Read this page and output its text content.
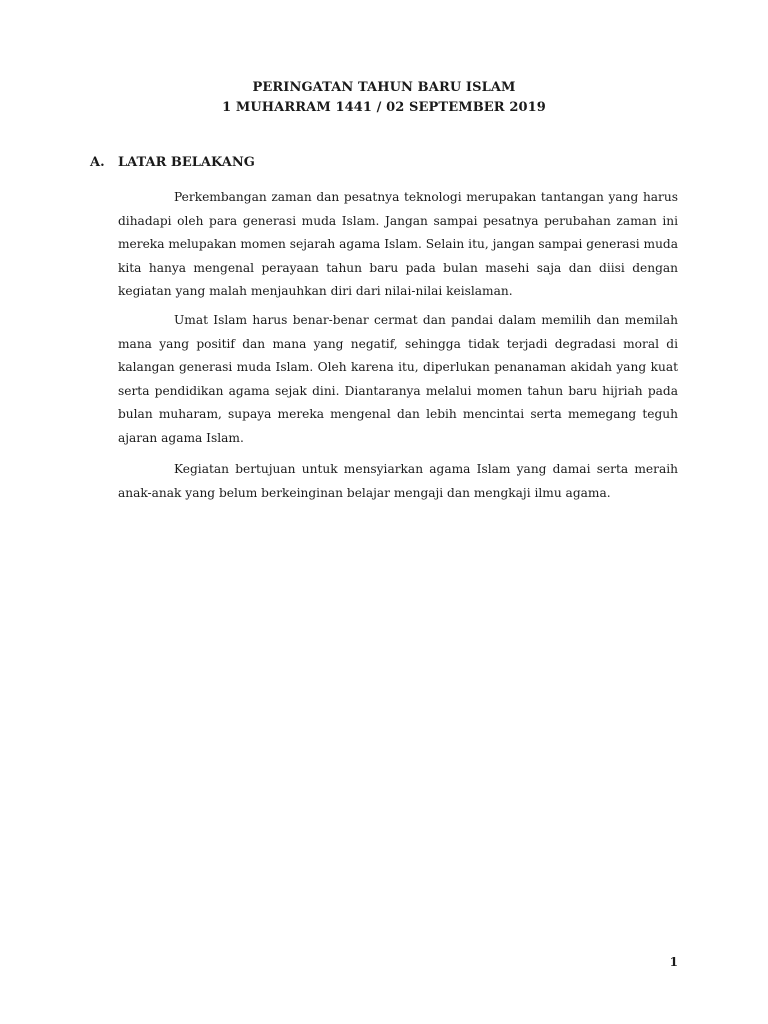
PERINGATAN TAHUN BARU ISLAM
1 MUHARRAM 1441 / 02 SEPTEMBER 2019
A. LATAR BELAKANG

Perkembangan zaman dan pesatnya teknologi merupakan tantangan yang harus dihadapi oleh para generasi muda Islam. Jangan sampai pesatnya perubahan zaman ini mereka melupakan momen sejarah agama Islam. Selain itu, jangan sampai generasi muda kita hanya mengenal perayaan tahun baru pada bulan masehi saja dan diisi dengan kegiatan yang malah menjauhkan diri dari nilai-nilai keislaman.

Umat Islam harus benar-benar cermat dan pandai dalam memilih dan memilah mana yang positif dan mana yang negatif, sehingga tidak terjadi degradasi moral di kalangan generasi muda Islam. Oleh karena itu, diperlukan penanaman akidah yang kuat serta pendidikan agama sejak dini. Diantaranya melalui momen tahun baru hijriah pada bulan muharam, supaya mereka mengenal dan lebih mencintai serta memegang teguh ajaran agama Islam.

Kegiatan bertujuan untuk mensyiarkan agama Islam yang damai serta meraih anak-anak yang belum berkeinginan belajar mengaji dan mengkaji ilmu agama.

1
